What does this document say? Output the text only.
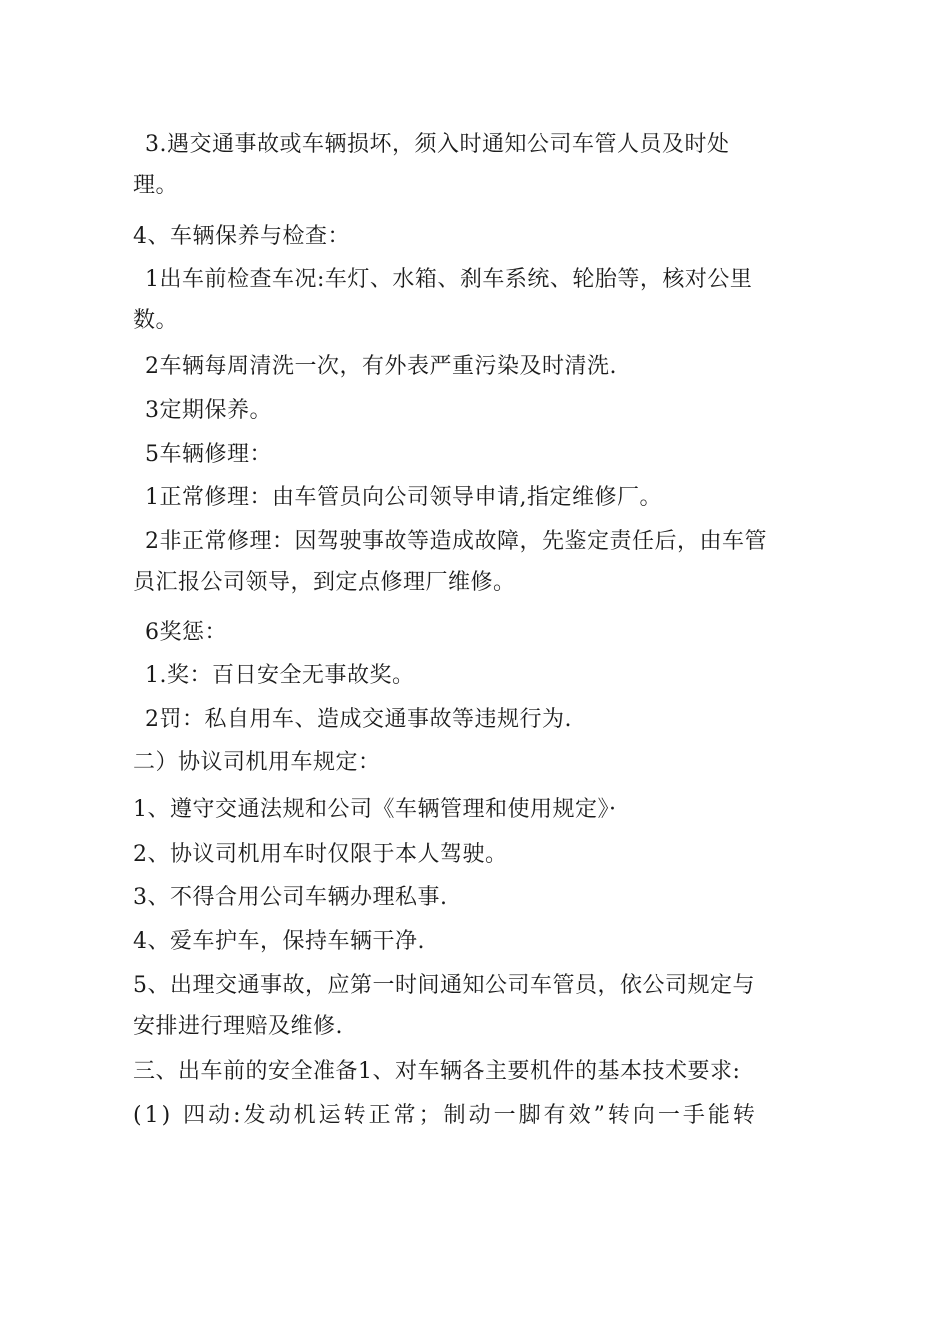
3.遇交通事故或车辆损坏，须入时通知公司车管人员及时处
理。
4、车辆保养与检查：
1出车前检查车况:车灯、水箱、刹车系统、轮胎等，核对公里
数。
2车辆每周清洗一次，有外表严重污染及时清洗.
3定期保养。
5车辆修理：
1正常修理：由车管员向公司领导申请,指定维修厂。
2非正常修理：因驾驶事故等造成故障，先鉴定责任后，由车管
员汇报公司领导，到定点修理厂维修。
6奖惩：
1.奖：百日安全无事故奖。
2罚：私自用车、造成交通事故等违规行为.
二）协议司机用车规定：
1、遵守交通法规和公司《车辆管理和使用规定》·
2、协议司机用车时仅限于本人驾驶。
3、不得合用公司车辆办理私事.
4、爱车护车，保持车辆干净.
5、出理交通事故，应第一时间通知公司车管员，依公司规定与
安排进行理赔及维修.
三、出车前的安全准备1、对车辆各主要机件的基本技术要求:
(1) 四动:发动机运转正常；制动一脚有效”转向一手能转
